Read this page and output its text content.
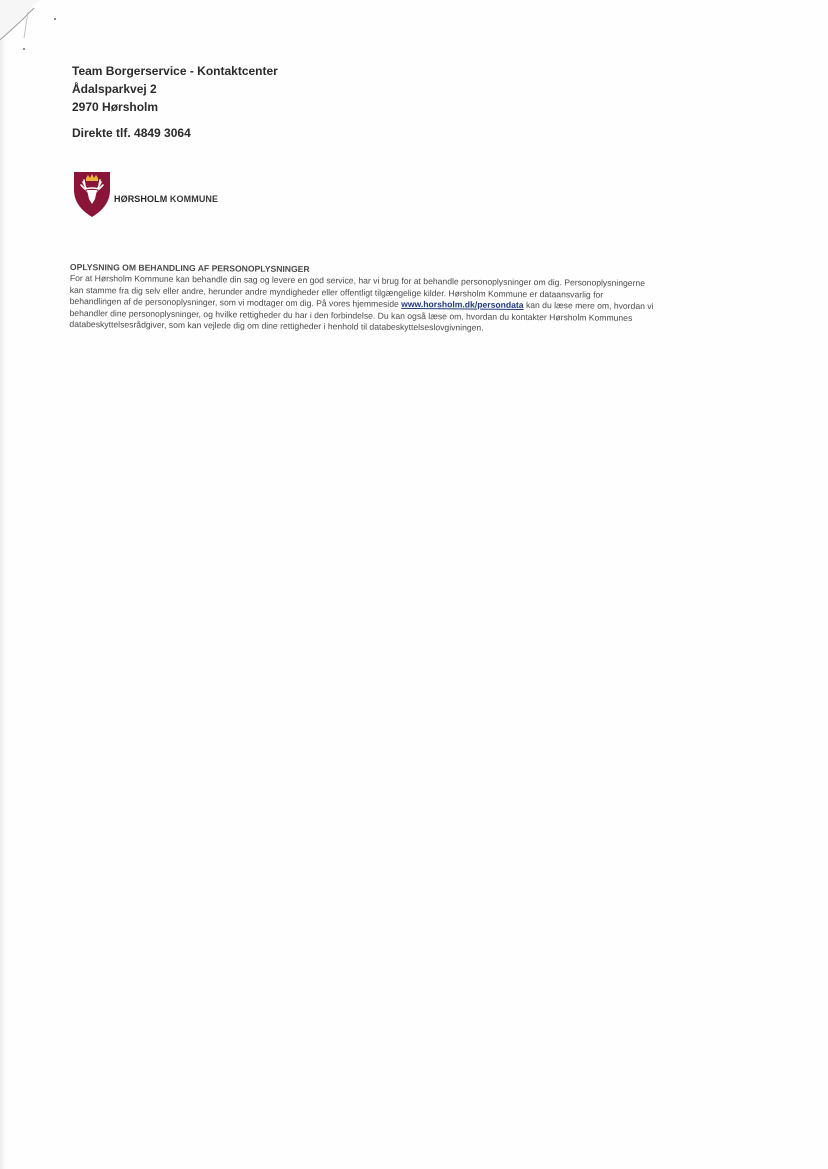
Team Borgerservice - Kontaktcenter
Ådalsparkvej 2
2970 Hørsholm
Direkte tlf. 4849 3064
HØRSHOLM KOMMUNE
OPLYSNING OM BEHANDLING AF PERSONOPLYSNINGER
For at Hørsholm Kommune kan behandle din sag og levere en god service, har vi brug for at behandle personoplysninger om dig. Personoplysningerne
kan stamme fra dig selv eller andre, herunder andre myndigheder eller offentligt tilgængelige kilder. Hørsholm Kommune er dataansvarlig for
behandlingen af de personoplysninger, som vi modtager om dig. På vores hjemmeside www.horsholm.dk/persondata kan du læse mere om, hvordan vi
behandler dine personoplysninger, og hvilke rettigheder du har i den forbindelse. Du kan også læse om, hvordan du kontakter Hørsholm Kommunes
databeskyttelsesrådgiver, som kan vejlede dig om dine rettigheder i henhold til databeskyttelseslovgivningen.
